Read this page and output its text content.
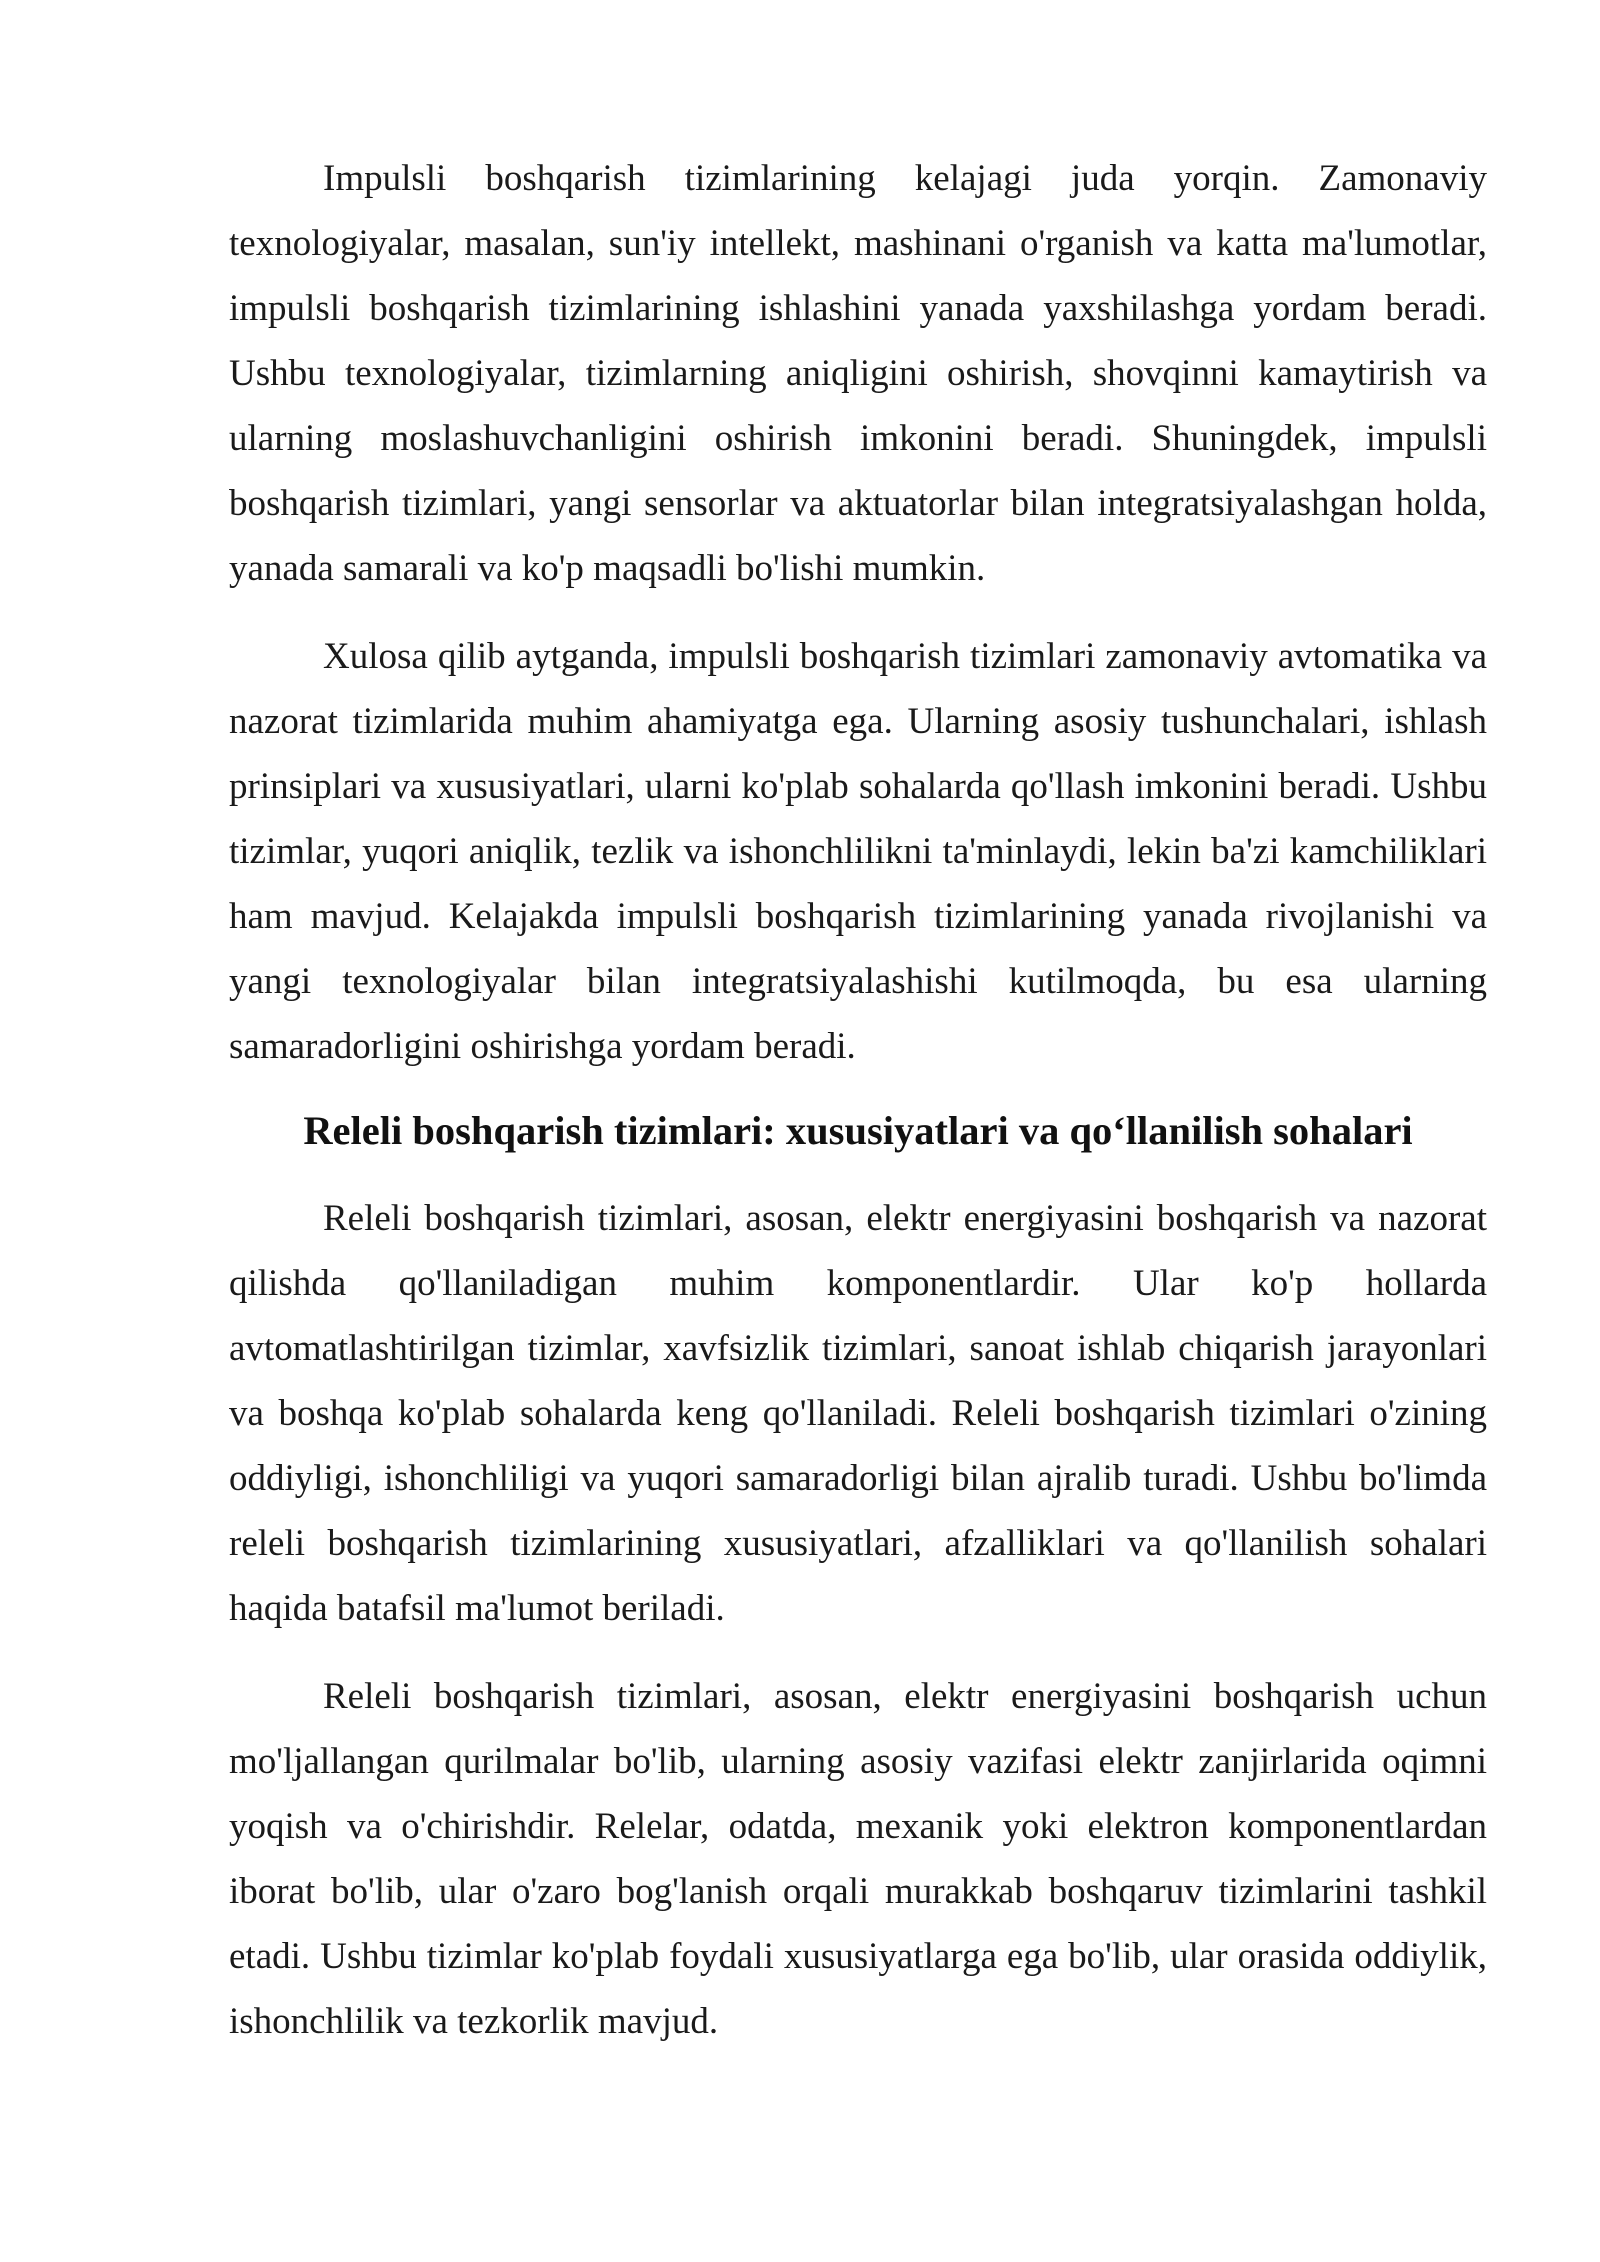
Impulsli boshqarish tizimlarining kelajagi juda yorqin. Zamonaviy texnologiyalar, masalan, sun'iy intellekt, mashinani o'rganish va katta ma'lumotlar, impulsli boshqarish tizimlarining ishlashini yanada yaxshilashga yordam beradi. Ushbu texnologiyalar, tizimlarning aniqligini oshirish, shovqinni kamaytirish va ularning moslashuvchanligini oshirish imkonini beradi. Shuningdek, impulsli boshqarish tizimlari, yangi sensorlar va aktuatorlar bilan integratsiyalashgan holda, yanada samarali va ko'p maqsadli bo'lishi mumkin.

Xulosa qilib aytganda, impulsli boshqarish tizimlari zamonaviy avtomatika va nazorat tizimlarida muhim ahamiyatga ega. Ularning asosiy tushunchalari, ishlash prinsiplari va xususiyatlari, ularni ko'plab sohalarda qo'llash imkonini beradi. Ushbu tizimlar, yuqori aniqlik, tezlik va ishonchlilikni ta'minlaydi, lekin ba'zi kamchiliklari ham mavjud. Kelajakda impulsli boshqarish tizimlarining yanada rivojlanishi va yangi texnologiyalar bilan integratsiyalashishi kutilmoqda, bu esa ularning samaradorligini oshirishga yordam beradi.

Releli boshqarish tizimlari: xususiyatlari va qo‘llanilish sohalari

Releli boshqarish tizimlari, asosan, elektr energiyasini boshqarish va nazorat qilishda qo'llaniladigan muhim komponentlardir. Ular ko'p hollarda avtomatlashtirilgan tizimlar, xavfsizlik tizimlari, sanoat ishlab chiqarish jarayonlari va boshqa ko'plab sohalarda keng qo'llaniladi. Releli boshqarish tizimlari o'zining oddiyligi, ishonchliligi va yuqori samaradorligi bilan ajralib turadi. Ushbu bo'limda releli boshqarish tizimlarining xususiyatlari, afzalliklari va qo'llanilish sohalari haqida batafsil ma'lumot beriladi.

Releli boshqarish tizimlari, asosan, elektr energiyasini boshqarish uchun mo'ljallangan qurilmalar bo'lib, ularning asosiy vazifasi elektr zanjirlarida oqimni yoqish va o'chirishdir. Relelar, odatda, mexanik yoki elektron komponentlardan iborat bo'lib, ular o'zaro bog'lanish orqali murakkab boshqaruv tizimlarini tashkil etadi. Ushbu tizimlar ko'plab foydali xususiyatlarga ega bo'lib, ular orasida oddiylik, ishonchlilik va tezkorlik mavjud.
